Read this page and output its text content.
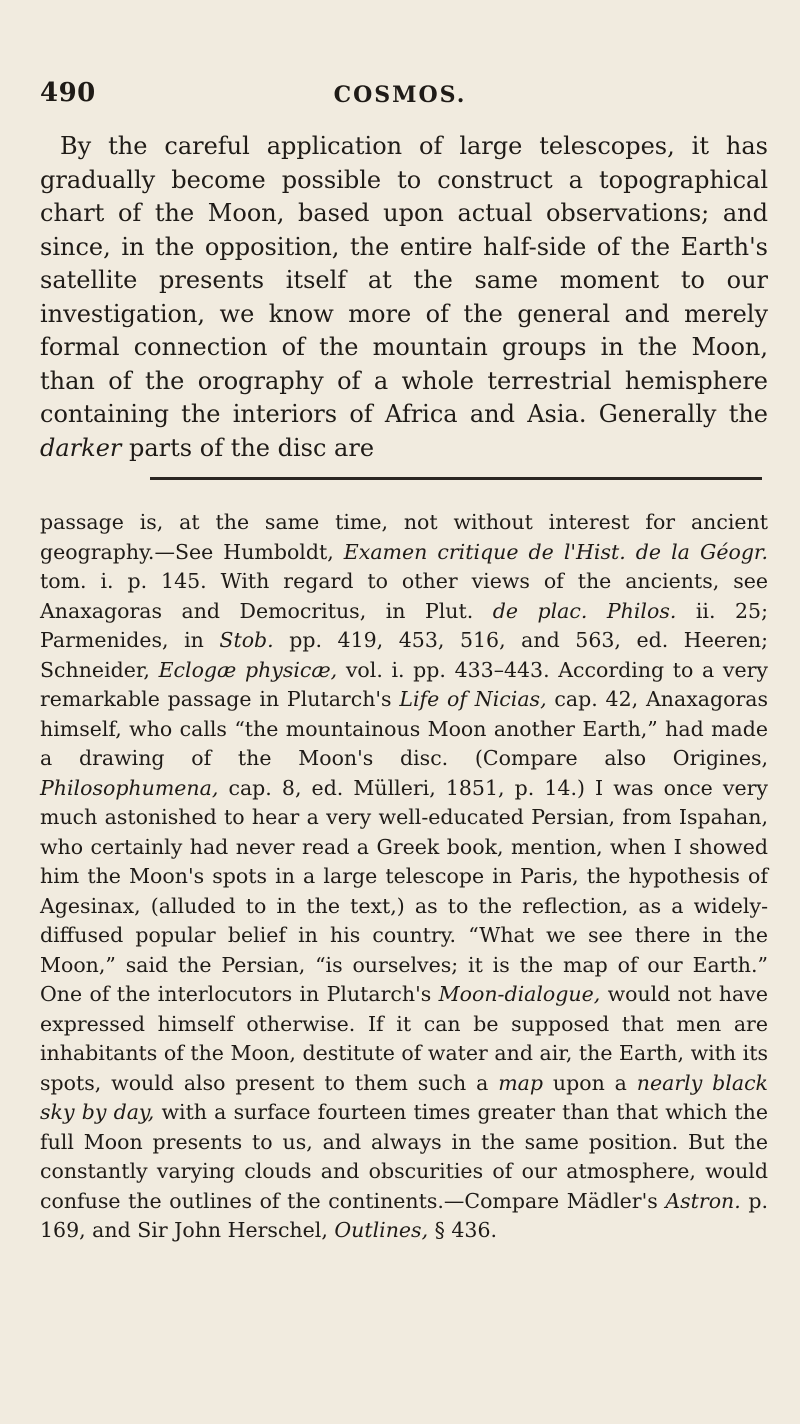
490	COSMOS.

By the careful application of large telescopes, it has gradually become possible to construct a topographical chart of the Moon, based upon actual observations; and since, in the opposition, the entire half-side of the Earth's satellite presents itself at the same moment to our investigation, we know more of the general and merely formal connection of the mountain groups in the Moon, than of the orography of a whole terrestrial hemisphere containing the interiors of Africa and Asia. Generally the darker parts of the disc are

passage is, at the same time, not without interest for ancient geography.—See Humboldt, Examen critique de l'Hist. de la Géogr. tom. i. p. 145. With regard to other views of the ancients, see Anaxagoras and Democritus, in Plut. de plac. Philos. ii. 25; Parmenides, in Stob. pp. 419, 453, 516, and 563, ed. Heeren; Schneider, Eclogæ physicæ, vol. i. pp. 433–443. According to a very remarkable passage in Plutarch's Life of Nicias, cap. 42, Anaxagoras himself, who calls “the mountainous Moon another Earth,” had made a drawing of the Moon's disc. (Compare also Origines, Philosophumena, cap. 8, ed. Mülleri, 1851, p. 14.) I was once very much astonished to hear a very well-educated Persian, from Ispahan, who certainly had never read a Greek book, mention, when I showed him the Moon's spots in a large telescope in Paris, the hypothesis of Agesinax, (alluded to in the text,) as to the reflection, as a widely-diffused popular belief in his country. “What we see there in the Moon,” said the Persian, “is ourselves; it is the map of our Earth.” One of the interlocutors in Plutarch's Moon-dialogue, would not have expressed himself otherwise. If it can be supposed that men are inhabitants of the Moon, destitute of water and air, the Earth, with its spots, would also present to them such a map upon a nearly black sky by day, with a surface fourteen times greater than that which the full Moon presents to us, and always in the same position. But the constantly varying clouds and obscurities of our atmosphere, would confuse the outlines of the continents.—Compare Mädler's Astron. p. 169, and Sir John Herschel, Outlines, § 436.
